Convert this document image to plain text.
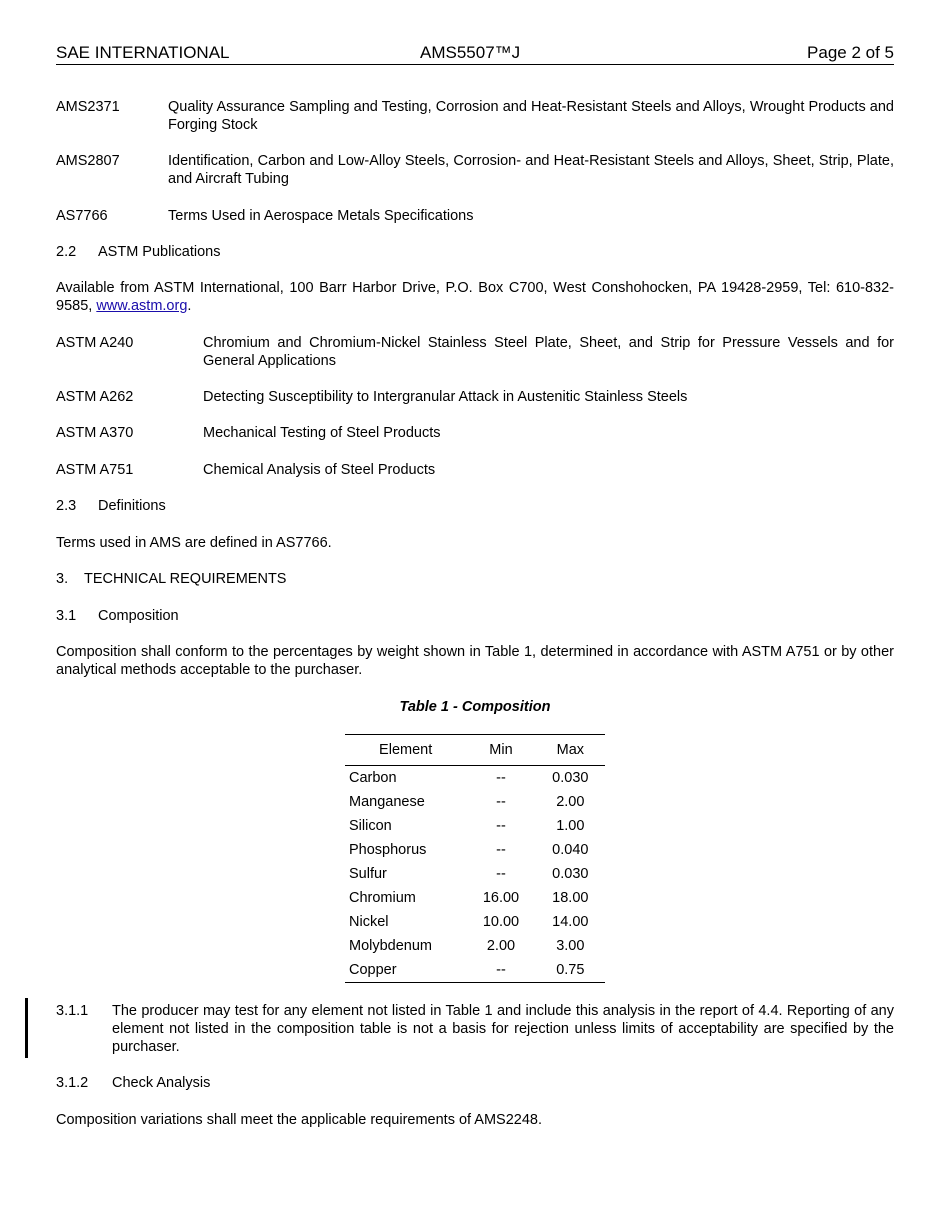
SAE INTERNATIONAL	AMS5507™J	Page 2 of 5
AMS2371	Quality Assurance Sampling and Testing, Corrosion and Heat-Resistant Steels and Alloys, Wrought Products and Forging Stock
AMS2807	Identification, Carbon and Low-Alloy Steels, Corrosion- and Heat-Resistant Steels and Alloys, Sheet, Strip, Plate, and Aircraft Tubing
AS7766	Terms Used in Aerospace Metals Specifications
2.2 ASTM Publications
Available from ASTM International, 100 Barr Harbor Drive, P.O. Box C700, West Conshohocken, PA 19428-2959, Tel: 610-832-9585, www.astm.org.
ASTM A240	Chromium and Chromium-Nickel Stainless Steel Plate, Sheet, and Strip for Pressure Vessels and for General Applications
ASTM A262	Detecting Susceptibility to Intergranular Attack in Austenitic Stainless Steels
ASTM A370	Mechanical Testing of Steel Products
ASTM A751	Chemical Analysis of Steel Products
2.3 Definitions
Terms used in AMS are defined in AS7766.
3. TECHNICAL REQUIREMENTS
3.1 Composition
Composition shall conform to the percentages by weight shown in Table 1, determined in accordance with ASTM A751 or by other analytical methods acceptable to the purchaser.
Table 1 - Composition
Element	Min	Max
Carbon	--	0.030
Manganese	--	2.00
Silicon	--	1.00
Phosphorus	--	0.040
Sulfur	--	0.030
Chromium	16.00	18.00
Nickel	10.00	14.00
Molybdenum	2.00	3.00
Copper	--	0.75
3.1.1 The producer may test for any element not listed in Table 1 and include this analysis in the report of 4.4. Reporting of any element not listed in the composition table is not a basis for rejection unless limits of acceptability are specified by the purchaser.
3.1.2 Check Analysis
Composition variations shall meet the applicable requirements of AMS2248.
